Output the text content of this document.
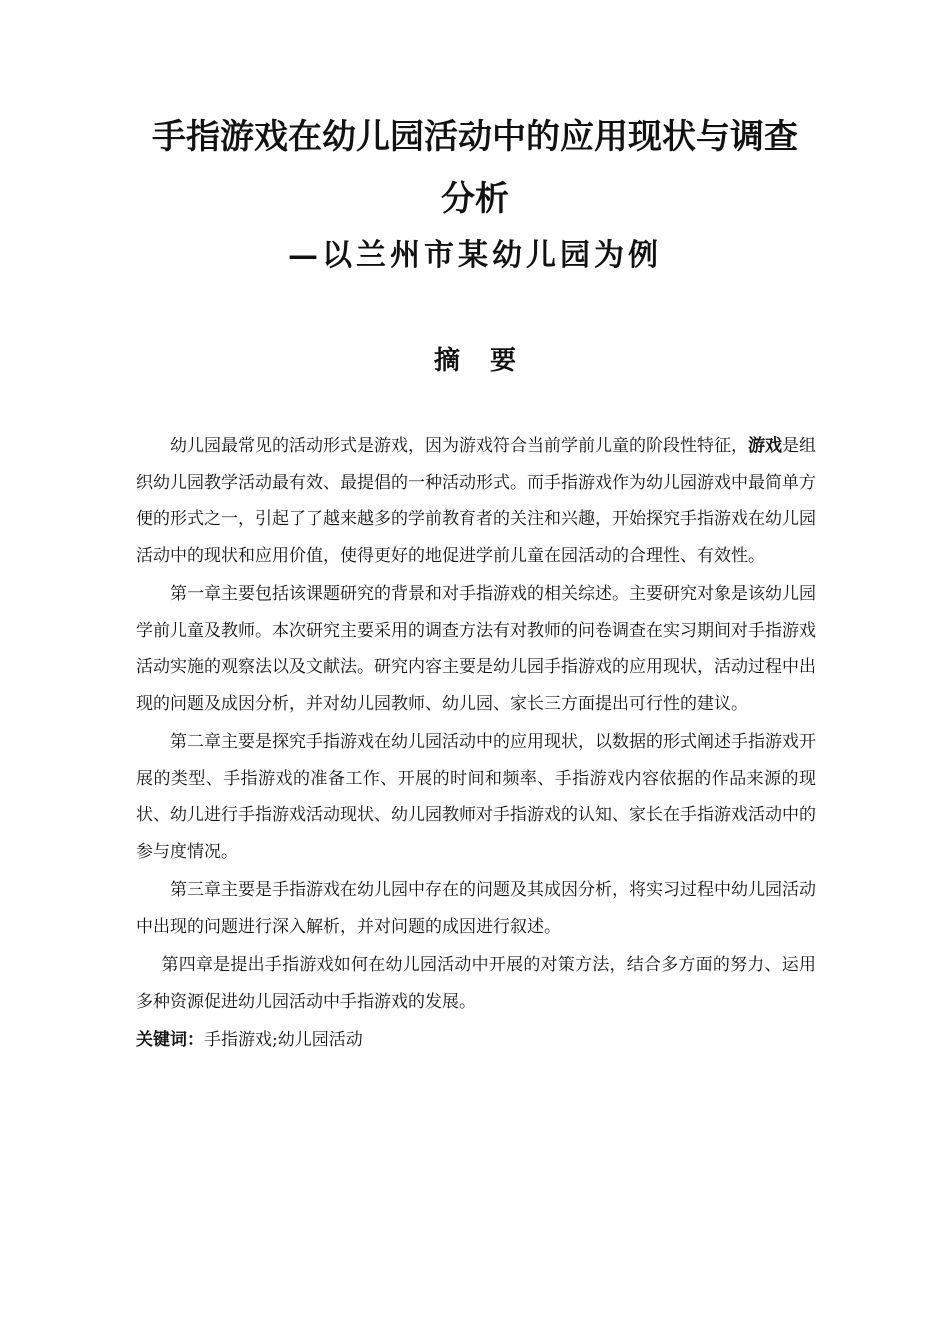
手指游戏在幼儿园活动中的应用现状与调查
分析
—以兰州市某幼儿园为例
摘要

幼儿园最常见的活动形式是游戏，因为游戏符合当前学前儿童的阶段性特征，游戏是组织幼儿园教学活动最有效、最提倡的一种活动形式。而手指游戏作为幼儿园游戏中最简单方便的形式之一，引起了了越来越多的学前教育者的关注和兴趣，开始探究手指游戏在幼儿园活动中的现状和应用价值，使得更好的地促进学前儿童在园活动的合理性、有效性。

第一章主要包括该课题研究的背景和对手指游戏的相关综述。主要研究对象是该幼儿园学前儿童及教师。本次研究主要采用的调查方法有对教师的问卷调查在实习期间对手指游戏活动实施的观察法以及文献法。研究内容主要是幼儿园手指游戏的应用现状，活动过程中出现的问题及成因分析，并对幼儿园教师、幼儿园、家长三方面提出可行性的建议。

第二章主要是探究手指游戏在幼儿园活动中的应用现状，以数据的形式阐述手指游戏开展的类型、手指游戏的准备工作、开展的时间和频率、手指游戏内容依据的作品来源的现状、幼儿进行手指游戏活动现状、幼儿园教师对手指游戏的认知、家长在手指游戏活动中的参与度情况。

第三章主要是手指游戏在幼儿园中存在的问题及其成因分析，将实习过程中幼儿园活动中出现的问题进行深入解析，并对问题的成因进行叙述。

第四章是提出手指游戏如何在幼儿园活动中开展的对策方法，结合多方面的努力、运用多种资源促进幼儿园活动中手指游戏的发展。

关键词：手指游戏;幼儿园活动
